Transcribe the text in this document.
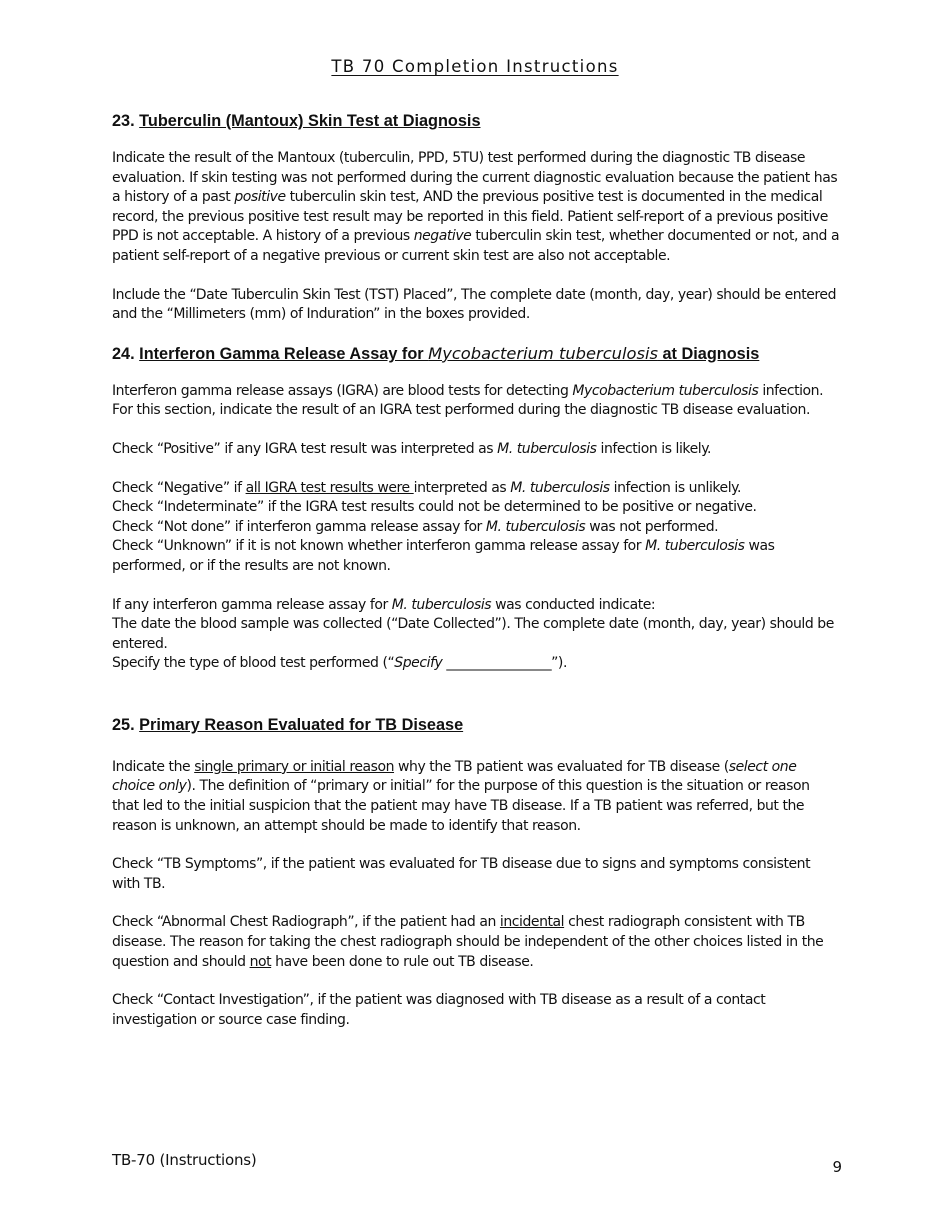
TB 70 Completion Instructions
23. Tuberculin (Mantoux) Skin Test at Diagnosis

Indicate the result of the Mantoux (tuberculin, PPD, 5TU) test performed during the diagnostic TB disease evaluation. If skin testing was not performed during the current diagnostic evaluation because the patient has a history of a past positive tuberculin skin test, AND the previous positive test is documented in the medical record, the previous positive test result may be reported in this field. Patient self-report of a previous positive PPD is not acceptable. A history of a previous negative tuberculin skin test, whether documented or not, and a patient self-report of a negative previous or current skin test are also not acceptable.

Include the “Date Tuberculin Skin Test (TST) Placed”, The complete date (month, day, year) should be entered and the “Millimeters (mm) of Induration” in the boxes provided.

24. Interferon Gamma Release Assay for Mycobacterium tuberculosis at Diagnosis

Interferon gamma release assays (IGRA) are blood tests for detecting Mycobacterium tuberculosis infection. For this section, indicate the result of an IGRA test performed during the diagnostic TB disease evaluation.

Check “Positive” if any IGRA test result was interpreted as M. tuberculosis infection is likely.

Check “Negative” if all IGRA test results were interpreted as M. tuberculosis infection is unlikely.

Check “Indeterminate” if the IGRA test results could not be determined to be positive or negative.

Check “Not done” if interferon gamma release assay for M. tuberculosis was not performed.

Check “Unknown” if it is not known whether interferon gamma release assay for M. tuberculosis was performed, or if the results are not known.

If any interferon gamma release assay for M. tuberculosis was conducted indicate:

The date the blood sample was collected (“Date Collected”). The complete date (month, day, year) should be entered.

Specify the type of blood test performed (“Specify ________________”).

25. Primary Reason Evaluated for TB Disease

Indicate the single primary or initial reason why the TB patient was evaluated for TB disease (select one choice only). The definition of “primary or initial” for the purpose of this question is the situation or reason that led to the initial suspicion that the patient may have TB disease. If a TB patient was referred, but the reason is unknown, an attempt should be made to identify that reason.

Check “TB Symptoms”, if the patient was evaluated for TB disease due to signs and symptoms consistent with TB.

Check “Abnormal Chest Radiograph”, if the patient had an incidental chest radiograph consistent with TB disease. The reason for taking the chest radiograph should be independent of the other choices listed in the question and should not have been done to rule out TB disease.

Check “Contact Investigation”, if the patient was diagnosed with TB disease as a result of a contact investigation or source case finding.

TB-70 (Instructions)	9
